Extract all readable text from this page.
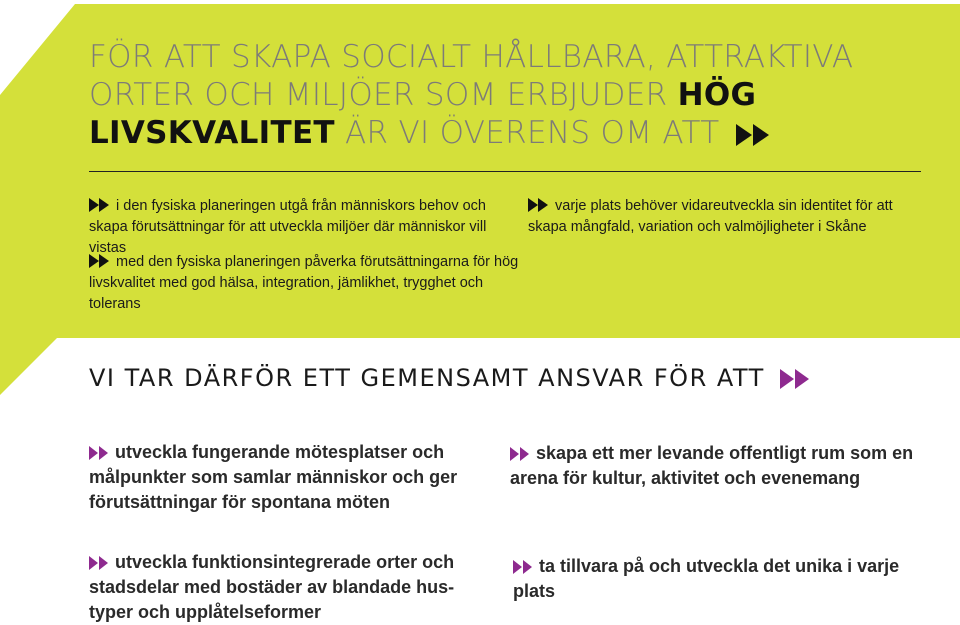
FÖR ATT SKAPA SOCIALT HÅLLBARA, ATTRAKTIVA
ORTER OCH MILJÖER SOM ERBJUDER HÖG
LIVSKVALITET ÄR VI ÖVERENS OM ATT

i den fysiska planeringen utgå från människors behov och skapa förutsättningar för att utveckla miljöer där människor vill vistas

varje plats behöver vidareutveckla sin identitet för att skapa mångfald, variation och valmöjligheter i Skåne

med den fysiska planeringen påverka förutsättningarna för hög livskvalitet med god hälsa, integration, jämlikhet, trygghet och tolerans

VI TAR DÄRFÖR ETT GEMENSAMT ANSVAR FÖR ATT

utveckla fungerande mötesplatser och målpunkter som samlar människor och ger förutsättningar för spontana möten

skapa ett mer levande offentligt rum som en arena för kultur, aktivitet och evenemang

utveckla funktionsintegrerade orter och stadsdelar med bostäder av blandade hus-typer och upplåtelseformer

ta tillvara på och utveckla det unika i varje plats
